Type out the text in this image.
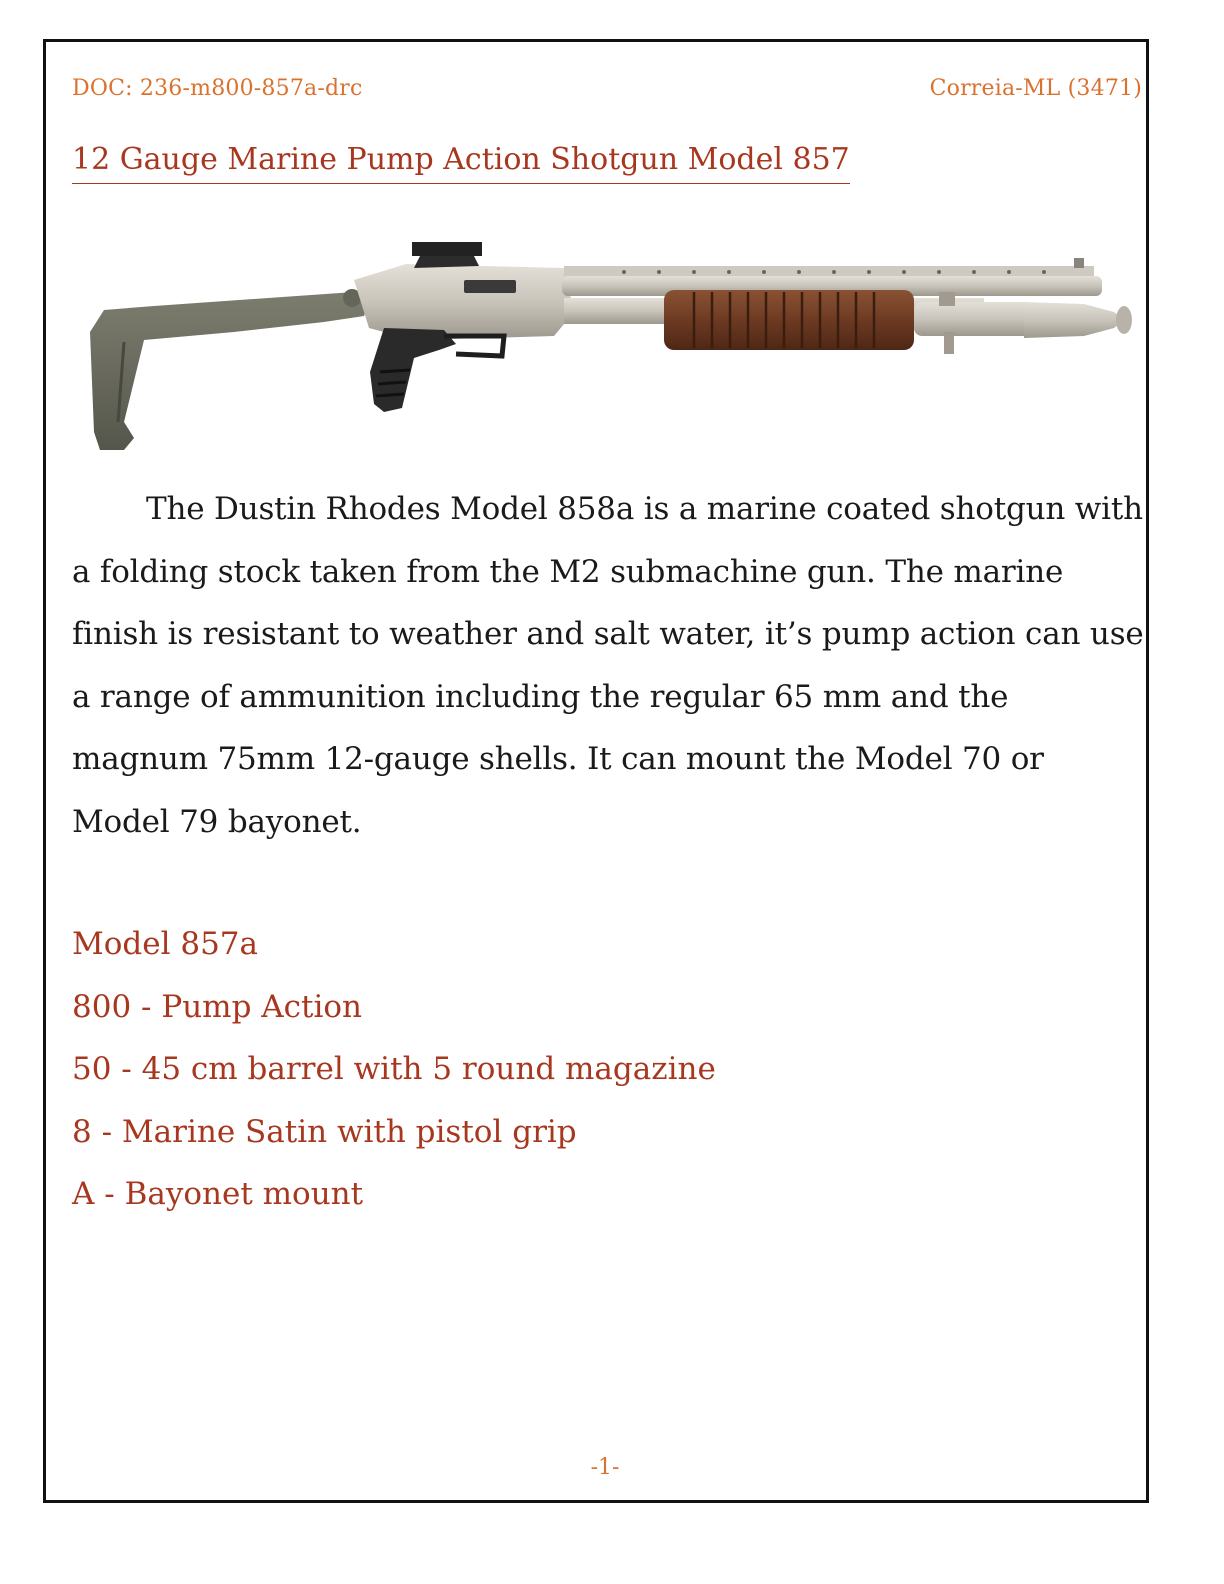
DOC: 236-m800-857a-drc	Correia-ML (3471)
12 Gauge Marine Pump Action Shotgun Model 857
The Dustin Rhodes Model 858a is a marine coated shotgun with a folding stock taken from the M2 submachine gun. The marine finish is resistant to weather and salt water, it’s pump action can use a range of ammunition including the regular 65 mm and the magnum 75mm 12-gauge shells. It can mount the Model 70 or Model 79 bayonet.
Model 857a
800 - Pump Action
50 - 45 cm barrel with 5 round magazine
8 - Marine Satin with pistol grip
A - Bayonet mount
-1-
